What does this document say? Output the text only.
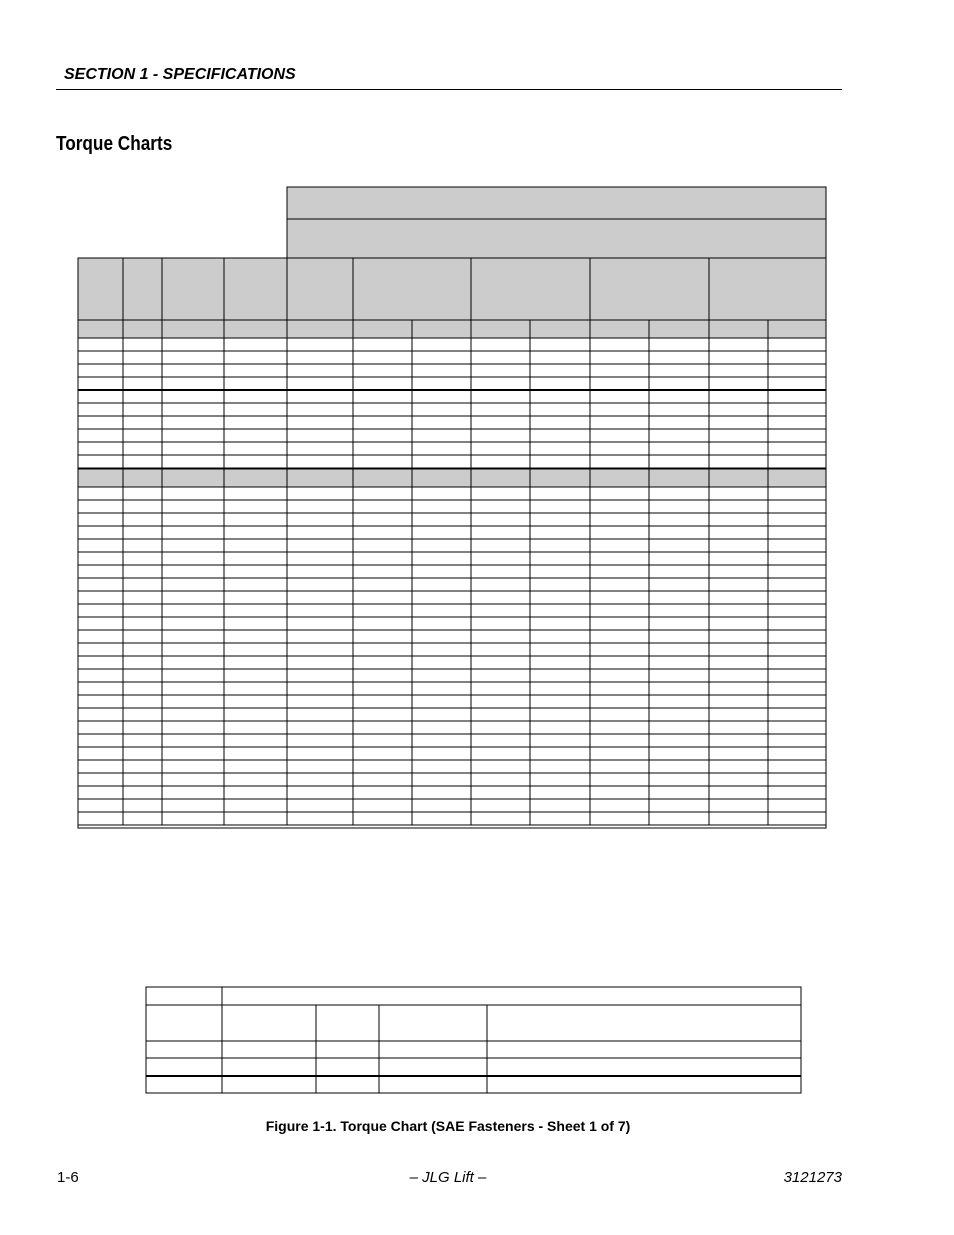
SECTION 1 - SPECIFICATIONS
Torque Charts
Figure 1-1. Torque Chart (SAE Fasteners - Sheet 1 of 7)
1-6	– JLG Lift –	3121273
